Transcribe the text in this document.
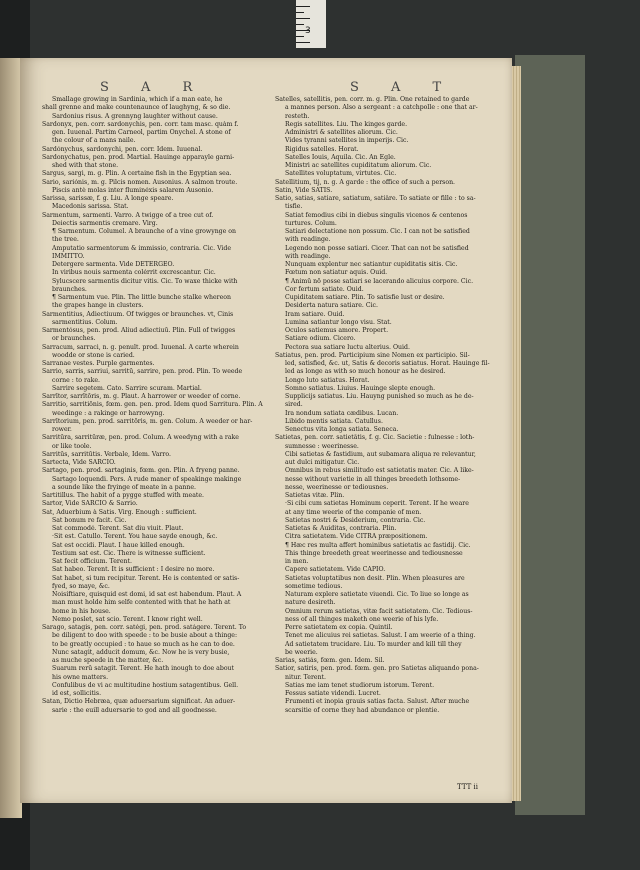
3
S A R	S A T
Smallage growing in Sardinia, which if a man eate, he
shall grenne and make countenaunce of laughyng, & so die.
Sardonius risus. A grennyng laughter without cause.
Sardonyx, pen. corr. sardonychis, pen. corr. tam masc. quàm f.
gen. Iuuenal. Partim Carneol, partim Onychel. A stone of
the colour of a mans naile.
Sardónychus, sardonychi, pen. corr. Idem. Iuuenal.
Sardonychatus, pen. prod. Martial. Hauinge apparayle garni-
shed with that stone.
Sargus, sargi, m. g. Plin. A certaine fish in the Egyptian sea.
Sario, sariónis, m. g. Pilcis nomen. Ausonius. A salmon troute.
Piscis antè molas inter fluminéxis salarem Ausonio.
Sarissa, sarissæ, f. g. Liu. A longe speare.
Macedonis sarissa. Stat.
Sarmentum, sarmenti. Varro. A twigge of a tree cut of.
Deiectis sarmentis cremare. Virg.
¶ Sarmentum. Columel. A braunche of a vine growynge on
the tree.
Amputatio sarmentorum & immissio, contraria. Cic. Vide
IMMITTO.
Detergere sarmenta. Vide DETERGEO.
In viribus nouis sarmenta colérrit excrescantur. Cic.
Sylucscere sarmentis dicitur vitis. Cic. To waxe thicke with
braunches.
¶ Sarmentum vue. Plin. The little bunche stalke whereon
the grapes hange in clusters.
Sarmentitius, Adiectiuum. Of twigges or braunches. vt, Cinis
sarmentitius. Colum.
Sarmentósus, pen. prod. Aliud adiectiuū. Plin. Full of twigges
or braunches.
Sarracum, sarraci, n. g. penult. prod. Iuuenal. A carte wherein
woodde or stone is caried.
Sarranae vestes. Purple garmentes.
Sarrio, sarris, sarriui, sarritū, sarrire, pen. prod. Plin. To weede
corne : to rake.
Sarrire segetem. Cato. Sarrire scuram. Martial.
Sarrītor, sarrītōris, m. g. Plaut. A harrower or weeder of corne.
Sarritio, sarritiōnis, fœm. gen. pen. prod. Idem quod Sarritura. Plin. A
weedinge : a rakinge or harrowyng.
Sarrītorium, pen. prod. sarritōris, m. gen. Colum. A weeder or har-
rower.
Sarritūra, sarritūræ, pen. prod. Colum. A weedyng with a rake
or like toole.
Sarritūs, sarritūtis. Verbale, Idem. Varro.
Sartecta, Vide SARCIO.
Sartago, pen. prod. sartaginis, fœm. gen. Plin. A fryeng panne.
Sartago loquendi. Pers. A rude maner of speakinge makinge
a sounde like the fryinge of meate in a panne.
Sartitillus. The habit of a pygge stuffed with meate.
Sartor, Vide SARCIO & Sarrio.
Sat, Aduerbium à Satis. Virg. Enough : sufficient.
Sat bonum re facit. Cic.
Sat commodé. Terent. Sat diu viuit. Plaut.
·Sit est. Catullo. Terent. You haue sayde enough, &c.
Sat est occidi. Plaut. I haue killed enough.
Testium sat est. Cic. There is witnesse sufficient.
Sat fecit officium. Terent.
Sat habeo. Terent. It is sufficient : I desire no more.
Sat habet, si tum recipitur. Terent. He is contented or satis-
fyed, so maye, &c.
Noisíftiare, quisquid est domi, id sat est habendum. Plaut. A
man must holde him selfe contented with that he hath at
home in his house.
Nemo poslet, sat scio. Terent. I know right well.
Sarago, satagis, pen. corr. satégi, pen. prod. satágere. Terent. To
be diligent to doo with speede : to be busie about a thinge:
to be greatly occupied : to haue so much as he can to doe.
Nunc satagit, adducit domum, &c. Now he is very busie,
as muche speede in the matter, &c.
Suarum rerū satagit. Terent. He hath inough to doe about
his owne matters.
Confulibus de vi ac multitudine hostium satagentibus. Gell.
id est, sollicitis.
Satan, Dictio Hebræa, quæ aduersarium significat. An aduer-
sarie : the euill aduersarie to god and all goodnesse.
Satelles, satellitis, pen. corr. m. g. Plin. One retained to garde
a mannes person. Also a sergeant : a catchpolle : one that ar-
resteth.
Regis satellites. Liu. The kinges garde.
Administri & satellites aliorum. Cic.
Vides tyranni satellites in imperijs. Cic.
Rigidus satelles. Horat.
Satelles Iouis, Aquila. Cic. An Egle.
Ministri ac satellites cupiditatum aliorum. Cic.
Satellites voluptatum, virtutes. Cic.
Satellitium, tij, n. g. A garde : the office of such a person.
Satin, Vide SATIS.
Satio, satias, satiare, satiatum, satiâre. To satiate or fille : to sa-
tisfie.
Satiat femodius cibi in diebus singulis vicenos & centenos
turtures. Colum.
Satiari delectatione non possum. Cic. I can not be satisfied
with readinge.
Legendo non posse satiari. Cicer. That can not be satisfied
with readinge.
Nunquam explentur nec satiantur cupiditatis sitis. Cic.
Fœtum non satiatur aquis. Ouid.
¶ Animū nō posse satiari se lacerando alicuius corpore. Cic.
Cor fertum satiate. Ouid.
Cupiditatem satiare. Plin. To satisfie lust or desire.
Desiderta natura satiare. Cic.
Iram satiare. Ouid.
Lumina satiantur longo visu. Stat.
Oculos satiemus amore. Propert.
Satiare odium. Cicero.
Pectora sua satiare luctu alterius. Ouid.
Satiatus, pen. prod. Participium sine Nomen ex participio. Sil-
led, satisfied, &c. ut, Satis & decoris satiatus. Horat. Hauinge fil-
led as longe as with so much honour as he desired.
Longo luto satiatus. Horat.
Somno satiatus. Liuius. Hauinge slepte enough.
Supplicijs satiatus. Liu. Hauyng punished so much as he de-
sired.
Ira nondum satiata cædibus. Lucan.
Libido mentis satiata. Catullus.
Senectus vita longa satiata. Seneca.
Satietas, pen. corr. satietâtis, f. g. Cic. Sacietie : fulnesse : loth-
sumnesse : weerinesse.
Cibi satietas & fastidium, aut subamara aliqua re relevantur,
aut dulci mitigatur. Cic.
Omnibus in rebus similitudo est satietatis mater. Cic. A like-
nesse without varietie in all thinges breedeth lothsome-
nesse, weerinesse or tediousnes.
Satietas vitæ. Plin.
·Si cibi cum satietas Hominum ceperit. Terent. If he weare
at any time weerie of the companie of men.
Satietas nostri & Desiderium, contraria. Cic.
Satietas & Auiditas, contraria. Plin.
Citra satietatem. Vide CITRA præpositionem.
¶ Hæc res multa affert hominibus satietatis ac fastidij. Cic.
This thinge breedeth great weerinesse and tediousnesse
in men.
Capere satietatem. Vide CAPIO.
Satietas voluptatibus non desit. Plin. When pleasures are
sometime tedious.
Naturam explere satietate viuendi. Cic. To liue so longe as
nature desireth.
Omnium rerum satietas, vitæ facit satietatem. Cic. Tedious-
ness of all thinges maketh one weerie of his lyfe.
Perre satietatem ex copia. Quintil.
Tenet me alicuius rei satietas. Salust. I am weerie of a thing.
Ad satietatem trucidare. Liu. To murder and kill till they
be weerie.
Sarias, satiás, fœm. gen. Idem. Sil.
Satior, satiris, pen. prod. fœm. gen. pro Satietas aliquando pona-
nitur. Terent.
Satias me iam tenet studiorum istorum. Terent.
Fessus satiate videndi. Lucret.
Frumenti et inopia grauis satias facta. Salust. After muche
scarsitie of corne they had abundance or plentie.
TTT ii
